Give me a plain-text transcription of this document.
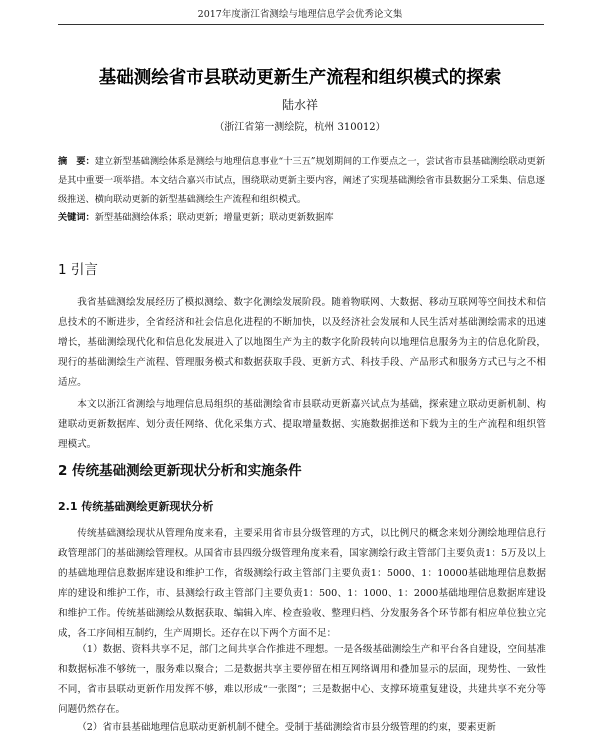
2017年度浙江省测绘与地理信息学会优秀论文集
基础测绘省市县联动更新生产流程和组织模式的探索
陆水祥
（浙江省第一测绘院，杭州 310012）
摘　要：建立新型基础测绘体系是测绘与地理信息事业“十三五”规划期间的工作要点之一，尝试省市县基础测绘联动更新是其中重要一项举措。本文结合嘉兴市试点，围绕联动更新主要内容，阐述了实现基础测绘省市县数据分工采集、信息逐级推送、横向联动更新的新型基础测绘生产流程和组织模式。
关键词：新型基础测绘体系；联动更新；增量更新；联动更新数据库
1 引言
我省基础测绘发展经历了模拟测绘、数字化测绘发展阶段。随着物联网、大数据、移动互联网等空间技术和信息技术的不断进步，全省经济和社会信息化进程的不断加快，以及经济社会发展和人民生活对基础测绘需求的迅速增长，基础测绘现代化和信息化发展进入了以地图生产为主的数字化阶段转向以地理信息服务为主的信息化阶段，现行的基础测绘生产流程、管理服务模式和数据获取手段、更新方式、科技手段、产品形式和服务方式已与之不相适应。
本文以浙江省测绘与地理信息局组织的基础测绘省市县联动更新嘉兴试点为基础，探索建立联动更新机制、构建联动更新数据库、划分责任网络、优化采集方式、提取增量数据、实施数据推送和下载为主的生产流程和组织管理模式。
2 传统基础测绘更新现状分析和实施条件
2.1 传统基础测绘更新现状分析
传统基础测绘现状从管理角度来看，主要采用省市县分级管理的方式，以比例尺的概念来划分测绘地理信息行政管理部门的基础测绘管理权。从国省市县四级分级管理角度来看，国家测绘行政主管部门主要负责1：5万及以上的基础地理信息数据库建设和维护工作，省级测绘行政主管部门主要负责1：5000、1：10000基础地理信息数据库的建设和维护工作，市、县测绘行政主管部门主要负责1：500、1：1000、1：2000基础地理信息数据库建设和维护工作。传统基础测绘从数据获取、编辑入库、检查验收、整理归档、分发服务各个环节都有相应单位独立完成，各工序间相互制约，生产周期长。还存在以下两个方面不足：
（1）数据、资料共享不足，部门之间共享合作推进不理想。一是各级基础测绘生产和平台各自建设，空间基准和数据标准不够统一，服务难以聚合；二是数据共享主要停留在相互网络调用和叠加显示的层面，现势性、一致性不同，省市县联动更新作用发挥不够，难以形成“一张图”；三是数据中心、支撑环境重复建设，共建共享不充分等问题仍然存在。
（2）省市县基础地理信息联动更新机制不健全。受制于基础测绘省市县分级管理的约束，要素更新
